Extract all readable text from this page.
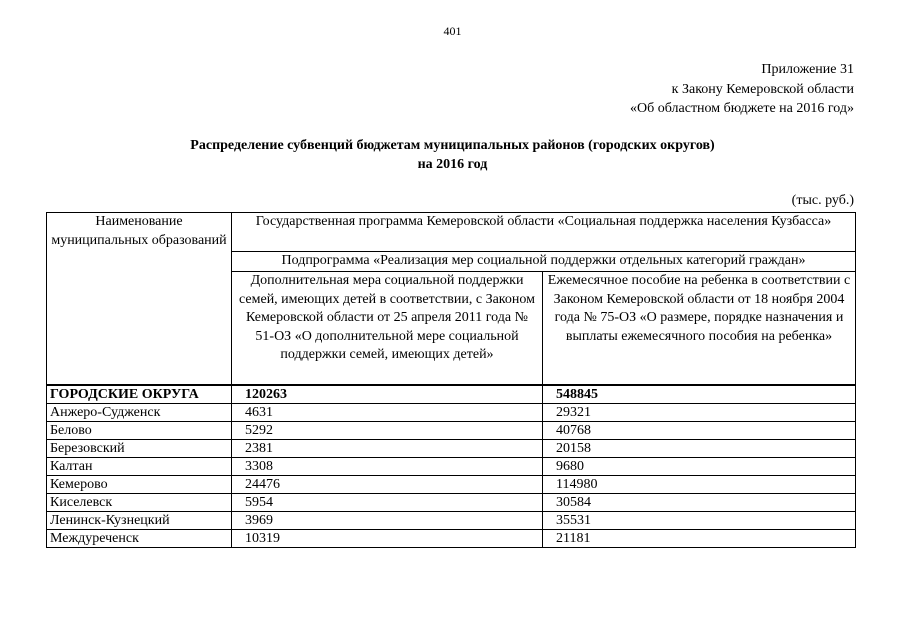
401
Приложение 31
к Закону Кемеровской области
«Об областном бюджете на 2016 год»
Распределение субвенций бюджетам муниципальных районов (городских округов)
на 2016 год
(тыс. руб.)
Наименование муниципальных образований	Государственная программа Кемеровской области «Социальная поддержка населения Кузбасса»	
	Подпрограмма «Реализация мер социальной поддержки отдельных категорий граждан»	
	Дополнительная мера социальной поддержки семей, имеющих детей в соответствии, с Законом Кемеровской области от 25 апреля 2011 года № 51-ОЗ «О дополнительной мере социальной поддержки семей, имеющих детей»	Ежемесячное пособие на ребенка в соответствии с Законом Кемеровской области от 18 ноября 2004 года № 75-ОЗ «О размере, порядке назначения и выплаты ежемесячного пособия на ребенка»
ГОРОДСКИЕ ОКРУГА	120263	548845
Анжеро-Судженск	4631	29321
Белово	5292	40768
Березовский	2381	20158
Калтан	3308	9680
Кемерово	24476	114980
Киселевск	5954	30584
Ленинск-Кузнецкий	3969	35531
Междуреченск	10319	21181
